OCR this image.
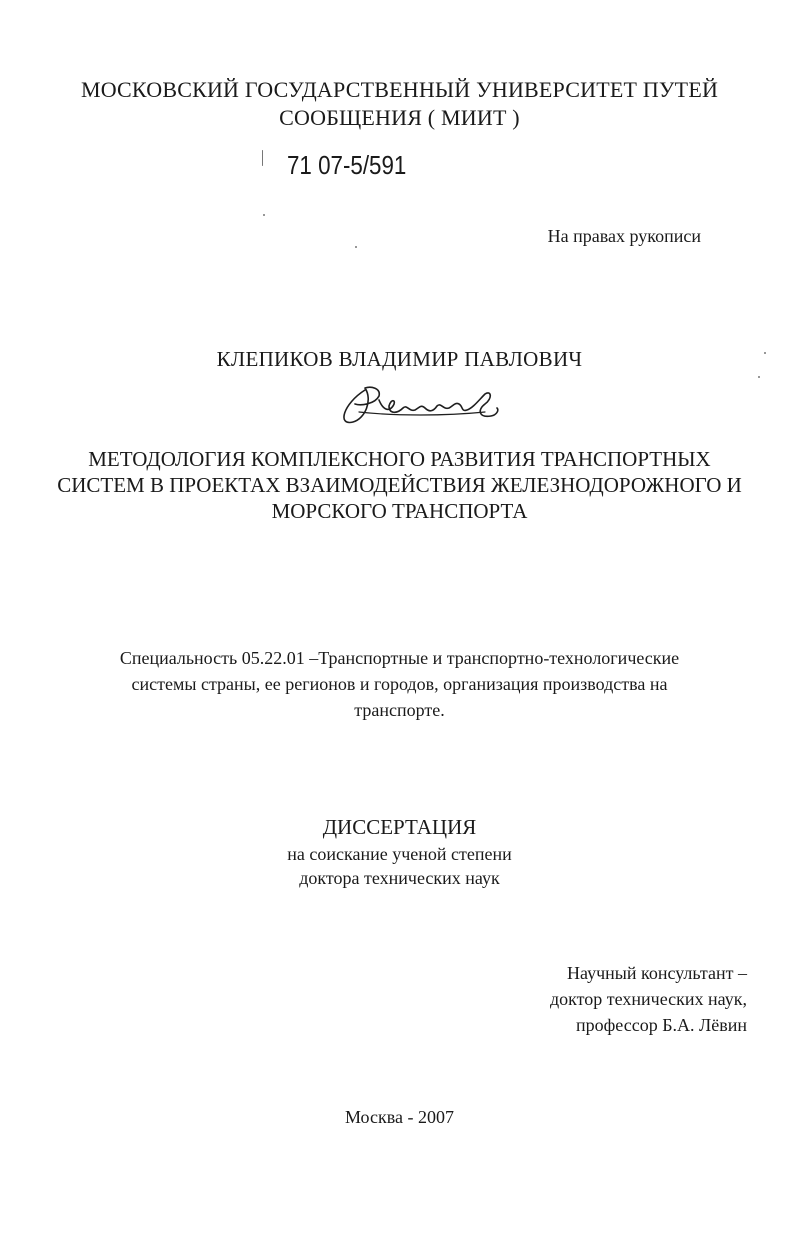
МОСКОВСКИЙ ГОСУДАРСТВЕННЫЙ УНИВЕРСИТЕТ ПУТЕЙ
СООБЩЕНИЯ ( МИИТ )
71 07-5/591
На правах рукописи
КЛЕПИКОВ ВЛАДИМИР ПАВЛОВИЧ
МЕТОДОЛОГИЯ КОМПЛЕКСНОГО РАЗВИТИЯ ТРАНСПОРТНЫХ
СИСТЕМ В ПРОЕКТАХ ВЗАИМОДЕЙСТВИЯ ЖЕЛЕЗНОДОРОЖНОГО И
МОРСКОГО ТРАНСПОРТА
Специальность 05.22.01 –Транспортные и транспортно-технологические
системы страны, ее регионов и городов, организация производства на
транспорте.
ДИССЕРТАЦИЯ
на соискание ученой степени
доктора технических наук
Научный консультант –
доктор технических наук,
профессор Б.А. Лёвин
Москва - 2007
